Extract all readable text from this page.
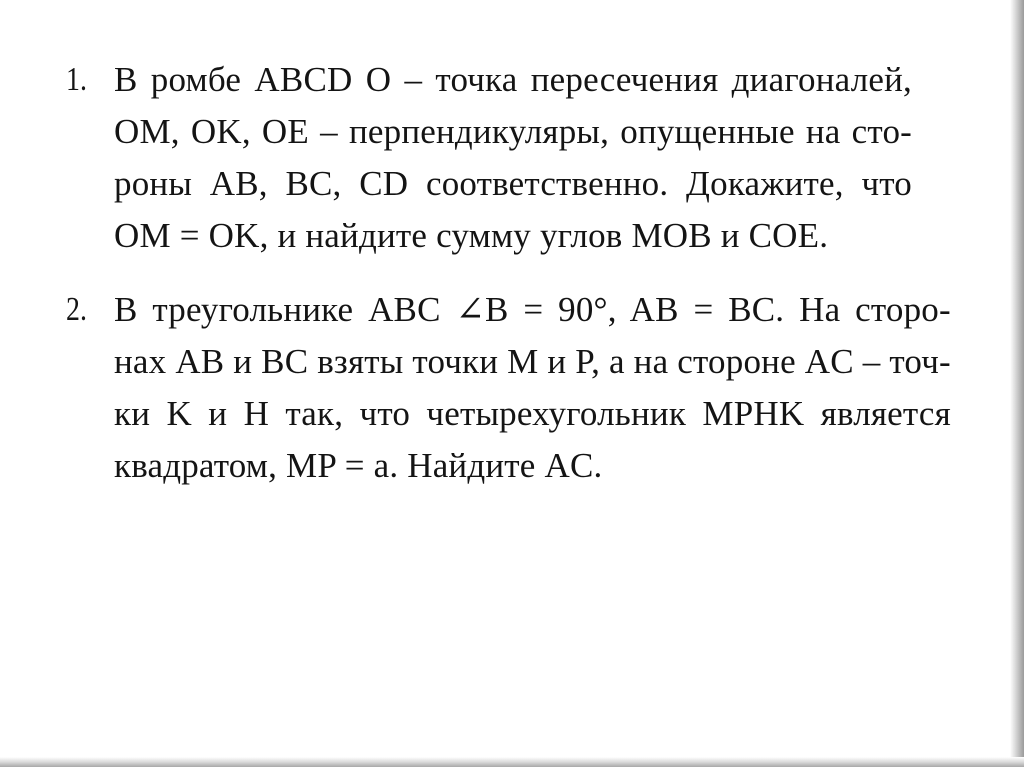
1. В ромбе ABCD O – точка пересечения диагоналей,
OM, OK, OE – перпендикуляры, опущенные на сто-
роны AB, BC, CD соответственно. Докажите, что
OM = OK, и найдите сумму углов MOB и COE.
2. В треугольнике ABC ∠B = 90°, AB = BC. На сторо-
нах AB и BC взяты точки M и P, а на стороне AC – точ-
ки K и H так, что четырехугольник MPHK является
квадратом, MP = a. Найдите AC.
